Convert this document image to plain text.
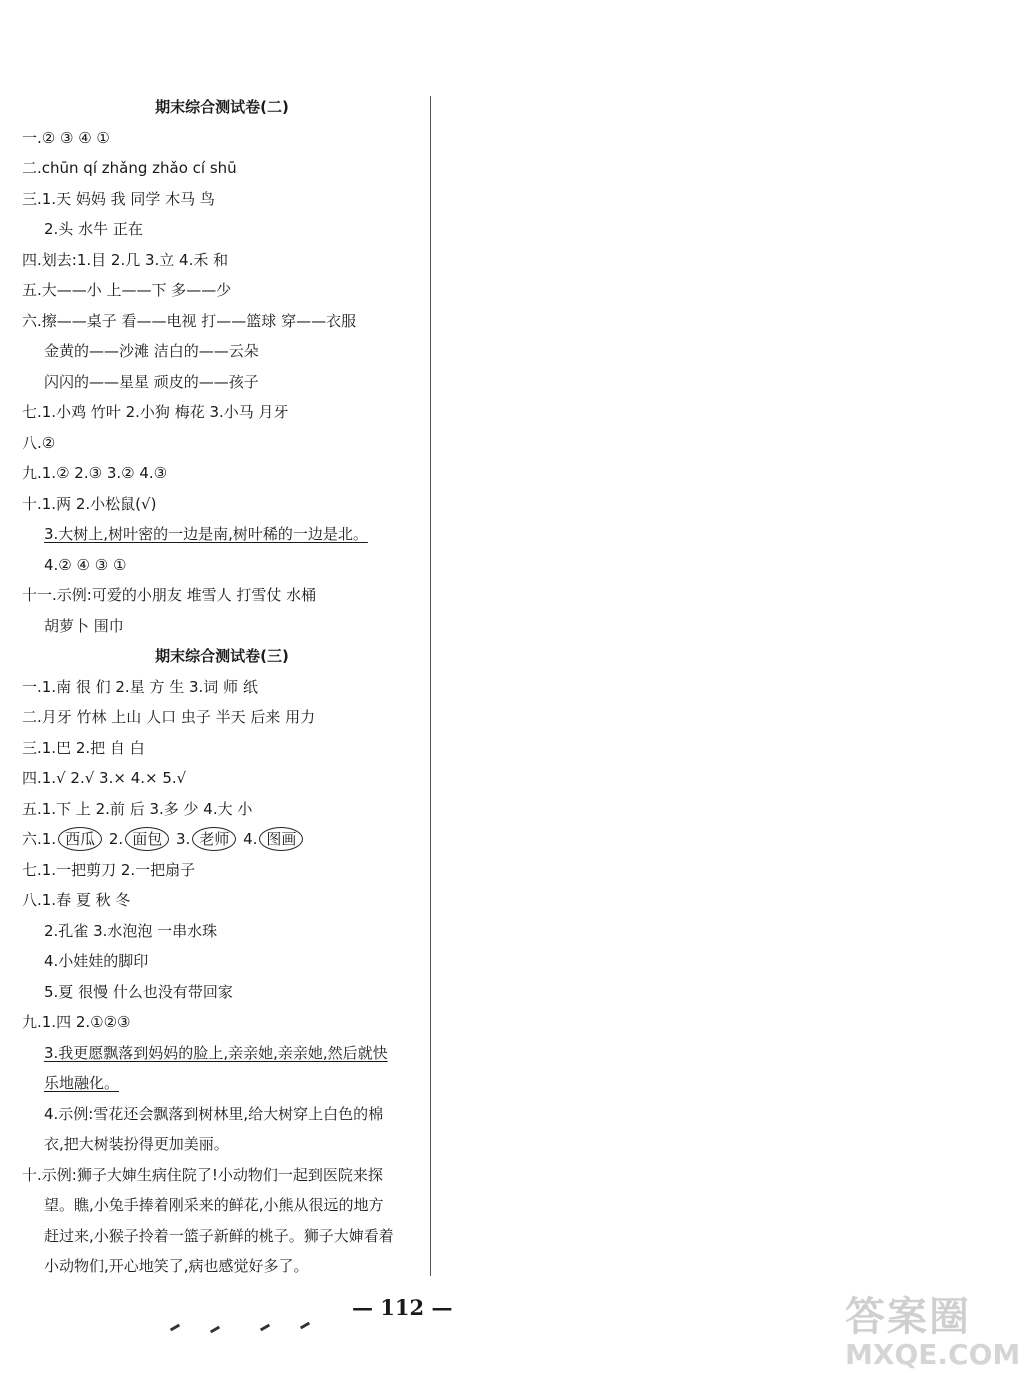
期末综合测试卷(二)
一.② ③ ④ ①
二.chūn qí zhǎng zhǎo cí shū
三.1.天 妈妈 我 同学 木马 鸟
2.头 水牛 正在
四.划去:1.目 2.几 3.立 4.禾 和
五.大——小 上——下 多——少
六.擦——桌子 看——电视 打——篮球 穿——衣服
金黄的——沙滩 洁白的——云朵
闪闪的——星星 顽皮的——孩子
七.1.小鸡 竹叶 2.小狗 梅花 3.小马 月牙
八.②
九.1.② 2.③ 3.② 4.③
十.1.两 2.小松鼠(√)
3.大树上,树叶密的一边是南,树叶稀的一边是北。
4.② ④ ③ ①
十一.示例:可爱的小朋友 堆雪人 打雪仗 水桶
胡萝卜 围巾
期末综合测试卷(三)
一.1.南 很 们 2.星 方 生 3.词 师 纸
二.月牙 竹林 上山 人口 虫子 半天 后来 用力
三.1.巴 2.把 自 白
四.1.√ 2.√ 3.× 4.× 5.√
五.1.下 上 2.前 后 3.多 少 4.大 小
六.1. 西瓜 2. 面包 3. 老师 4. 图画
七.1.一把剪刀 2.一把扇子
八.1.春 夏 秋 冬
2.孔雀 3.水泡泡 一串水珠
4.小娃娃的脚印
5.夏 很慢 什么也没有带回家
九.1.四 2.①②③
3.我更愿飘落到妈妈的脸上,亲亲她,亲亲她,然后就快
乐地融化。
4.示例:雪花还会飘落到树林里,给大树穿上白色的棉
衣,把大树装扮得更加美丽。
十.示例:狮子大婶生病住院了!小动物们一起到医院来探
望。瞧,小兔手捧着刚采来的鲜花,小熊从很远的地方
赶过来,小猴子拎着一篮子新鲜的桃子。狮子大婶看着
小动物们,开心地笑了,病也感觉好多了。
— 112 —	答案圈
MXQE.COM
